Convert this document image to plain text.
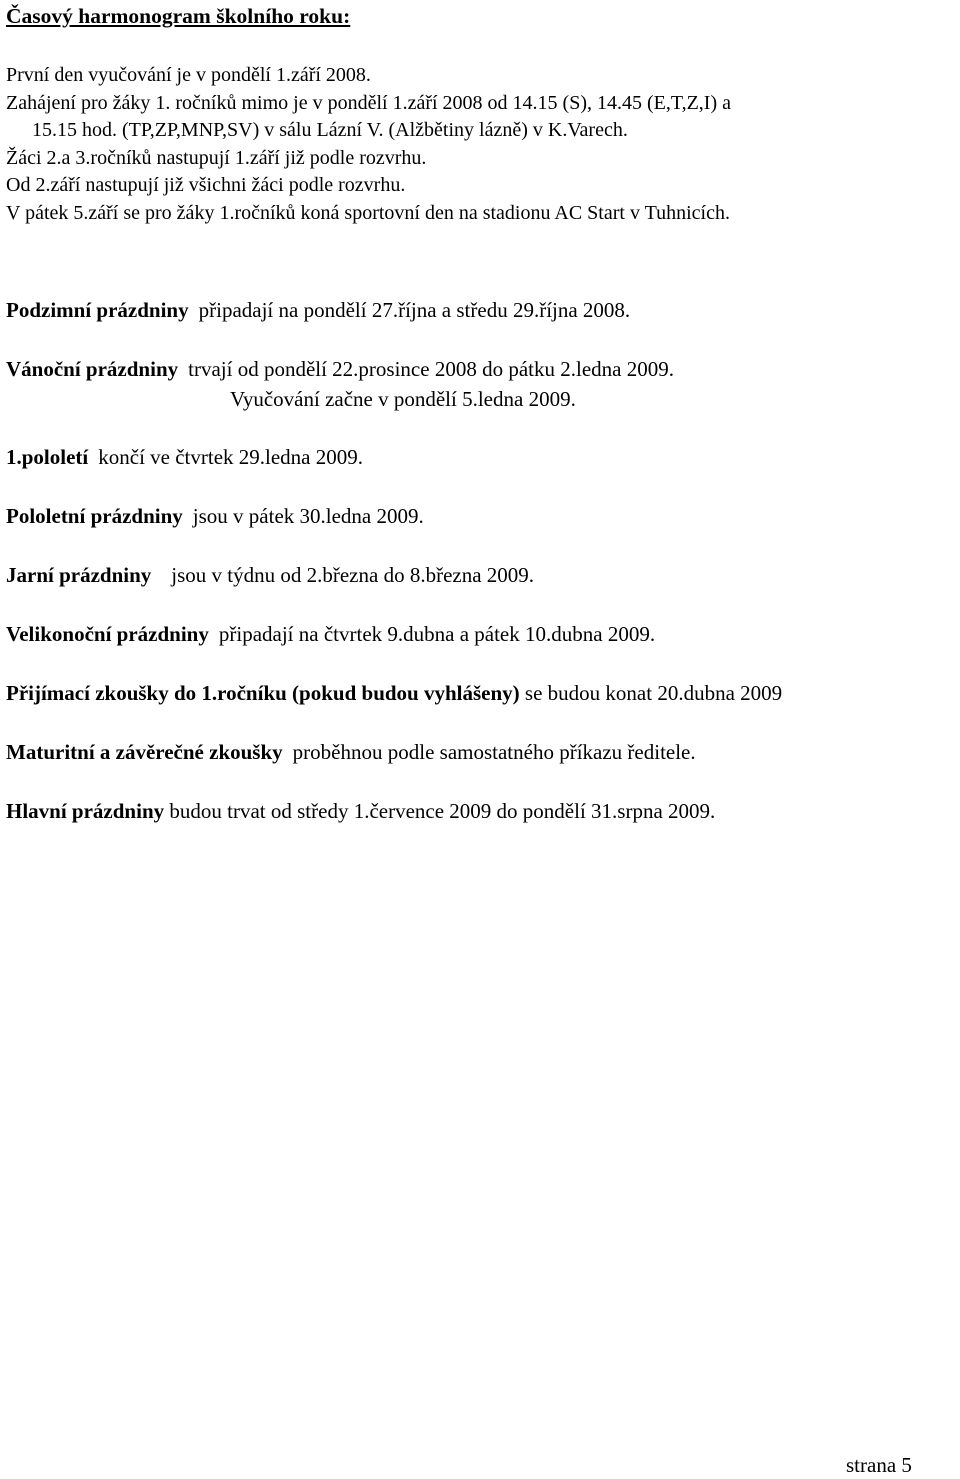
Časový harmonogram školního roku:
První den vyučování je v pondělí 1.září 2008.
Zahájení pro žáky 1. ročníků mimo je v pondělí 1.září 2008 od 14.15 (S), 14.45 (E,T,Z,I) a
15.15 hod. (TP,ZP,MNP,SV) v sálu Lázní V. (Alžbětiny lázně) v K.Varech.
Žáci 2.a 3.ročníků nastupují 1.září již podle rozvrhu.
Od 2.září nastupují již všichni žáci podle rozvrhu.
V pátek 5.září se pro žáky 1.ročníků koná sportovní den na stadionu AC Start v Tuhnicích.
Podzimní prázdniny připadají na pondělí 27.října a středu 29.října 2008.
Vánoční prázdniny trvají od pondělí 22.prosince 2008 do pátku 2.ledna 2009.
Vyučování začne v pondělí 5.ledna 2009.
1.pololetí končí ve čtvrtek 29.ledna 2009.
Pololetní prázdniny jsou v pátek 30.ledna 2009.
Jarní prázdniny jsou v týdnu od 2.března do 8.března 2009.
Velikonoční prázdniny připadají na čtvrtek 9.dubna a pátek 10.dubna 2009.
Přijímací zkoušky do 1.ročníku (pokud budou vyhlášeny) se budou konat 20.dubna 2009
Maturitní a závěrečné zkoušky proběhnou podle samostatného příkazu ředitele.
Hlavní prázdniny budou trvat od středy 1.července 2009 do pondělí 31.srpna 2009.
strana 5
